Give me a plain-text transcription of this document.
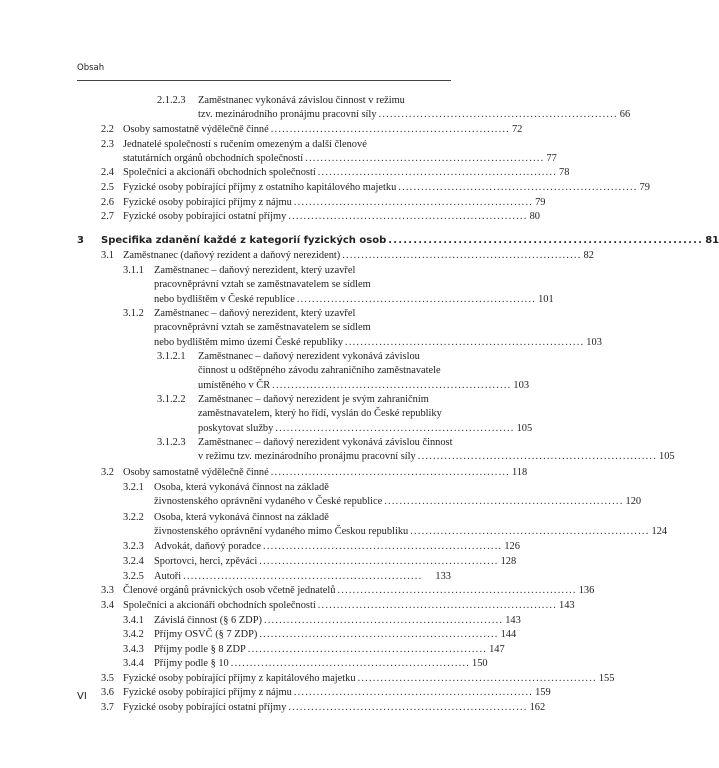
Obsah
2.1.2.3 Zaměstnanec vykonává závislou činnost v režimu
tzv. mezinárodního pronájmu pracovní síly ............................................................... 66
2.2 Osoby samostatně výdělečně činné ............................................................... 72
2.3 Jednatelé společností s ručením omezeným a další členové
statutárních orgánů obchodních společností ............................................................... 77
2.4 Společníci a akcionáři obchodních společností ............................................................... 78
2.5 Fyzické osoby pobírající příjmy z ostatního kapitálového majetku ............................................................... 79
2.6 Fyzické osoby pobírající příjmy z nájmu ............................................................... 79
2.7 Fyzické osoby pobírající ostatní příjmy ............................................................... 80
3 Specifika zdanění každé z kategorií fyzických osob ............................................................... 81
3.1 Zaměstnanec (daňový rezident a daňový nerezident) ............................................................... 82
3.1.1 Zaměstnanec – daňový nerezident, který uzavřel
pracovněprávní vztah se zaměstnavatelem se sídlem
nebo bydlištěm v České republice ............................................................... 101
3.1.2 Zaměstnanec – daňový nerezident, který uzavřel
pracovněprávní vztah se zaměstnavatelem se sídlem
nebo bydlištěm mimo území České republiky ............................................................... 103
3.1.2.1 Zaměstnanec – daňový nerezident vykonává závislou
činnost u odštěpného závodu zahraničního zaměstnavatele
umístěného v ČR ............................................................... 103
3.1.2.2 Zaměstnanec – daňový nerezident je svým zahraničním
zaměstnavatelem, který ho řídí, vyslán do České republiky
poskytovat služby ............................................................... 105
3.1.2.3 Zaměstnanec – daňový nerezident vykonává závislou činnost
v režimu tzv. mezinárodního pronájmu pracovní síly ............................................................... 105
3.2 Osoby samostatně výdělečně činné ............................................................... 118
3.2.1 Osoba, která vykonává činnost na základě
živnostenského oprávnění vydaného v České republice ............................................................... 120
3.2.2 Osoba, která vykonává činnost na základě
živnostenského oprávnění vydaného mimo Českou republiku ............................................................... 124
3.2.3 Advokát, daňový poradce ............................................................... 126
3.2.4 Sportovci, herci, zpěváci ............................................................... 128
3.2.5 Autoři ...............................................................	133
3.3 Členové orgánů právnických osob včetně jednatelů ............................................................... 136
3.4 Společníci a akcionáři obchodních společností ............................................................... 143
3.4.1 Závislá činnost (§ 6 ZDP) ............................................................... 143
3.4.2 Příjmy OSVČ (§ 7 ZDP) ............................................................... 144
3.4.3 Příjmy podle § 8 ZDP ............................................................... 147
3.4.4 Příjmy podle § 10 ............................................................... 150
3.5 Fyzické osoby pobírající příjmy z kapitálového majetku ............................................................... 155
3.6 Fyzické osoby pobírající příjmy z nájmu ............................................................... 159
3.7 Fyzické osoby pobírající ostatní příjmy ............................................................... 162
VI
